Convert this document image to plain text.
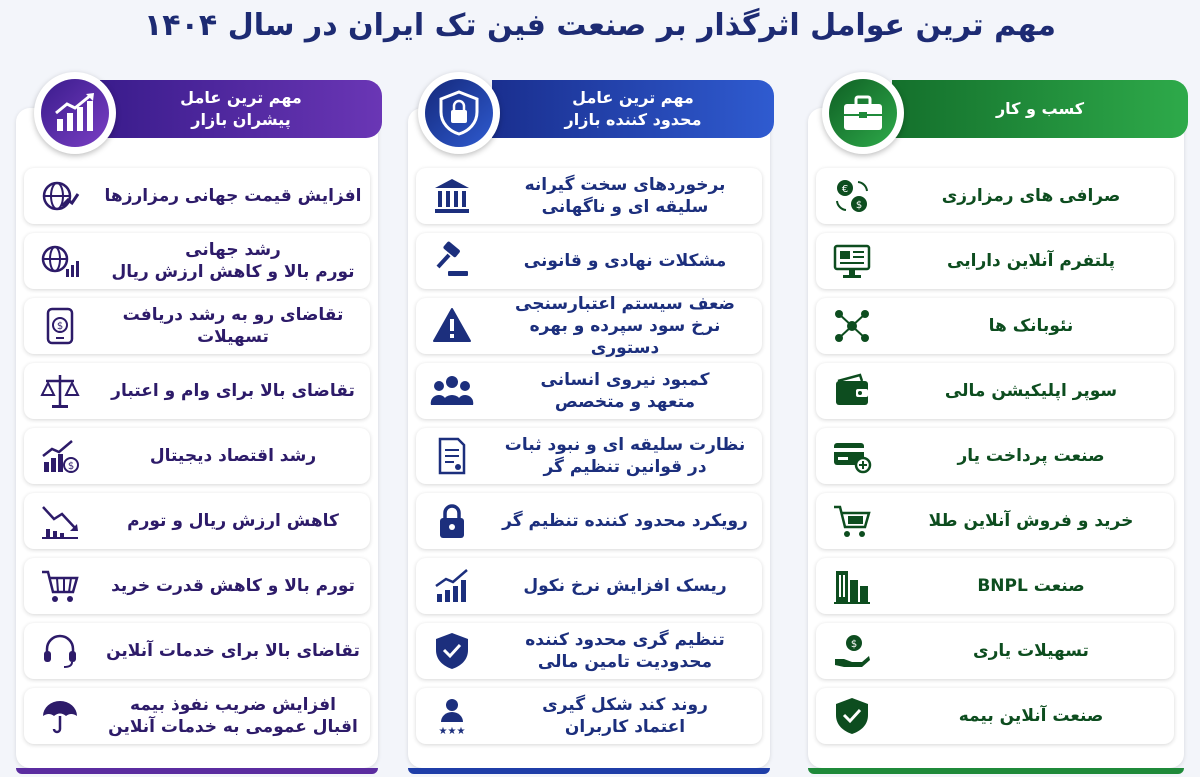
مهم ترین عوامل اثرگذار بر صنعت فین تک ایران در سال ۱۴۰۴
مهم ترین عامل
پیشران بازار
افزایش قیمت جهانی رمزارزها
رشد جهانی
تورم بالا و کاهش ارزش ریال
$
تقاضای رو به رشد دریافت
تسهیلات
تقاضای بالا برای وام و اعتبار
$
رشد اقتصاد دیجیتال
کاهش ارزش ریال و تورم
تورم بالا و کاهش قدرت خرید
تقاضای بالا برای خدمات آنلاین
افزایش ضریب نفوذ بیمه
اقبال عمومی به خدمات آنلاین
مهم ترین عامل
محدود کننده بازار
برخوردهای سخت گیرانه
سلیقه ای و ناگهانی
مشکلات نهادی و قانونی
ضعف سیستم اعتبارسنجی
نرخ سود سپرده و بهره دستوری
کمبود نیروی انسانی
متعهد و متخصص
نظارت سلیقه ای و نبود ثبات
در قوانین تنظیم گر
رویکرد محدود کننده تنظیم گر
ریسک افزایش نرخ نکول
تنظیم گری محدود کننده
محدودیت تامین مالی
★★★
روند کند شکل گیری
اعتماد کاربران
کسب و کار
€
$	صرافی های رمزارزی
پلتفرم آنلاین دارایی
نئوبانک ها
سوپر اپلیکیشن مالی
صنعت پرداخت یار
خرید و فروش آنلاین طلا
صنعت BNPL
$	تسهیلات یاری
صنعت آنلاین بیمه
